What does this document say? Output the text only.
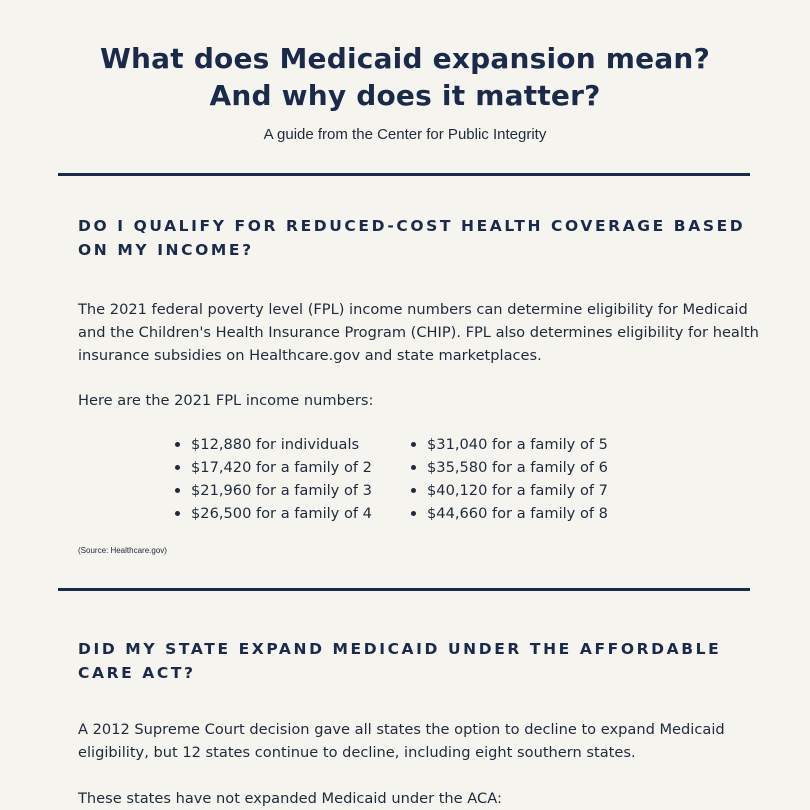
What does Medicaid expansion mean?
And why does it matter?
A guide from the Center for Public Integrity
DO I QUALIFY FOR REDUCED-COST HEALTH COVERAGE BASED ON MY INCOME?

The 2021 federal poverty level (FPL) income numbers can determine eligibility for Medicaid and the Children's Health Insurance Program (CHIP). FPL also determines eligibility for health insurance subsidies on Healthcare.gov and state marketplaces.

Here are the 2021 FPL income numbers:

$12,880 for individuals
$17,420 for a family of 2
$21,960 for a family of 3
$26,500 for a family of 4
$31,040 for a family of 5
$35,580 for a family of 6
$40,120 for a family of 7
$44,660 for a family of 8
(Source: Healthcare.gov)
DID MY STATE EXPAND MEDICAID UNDER THE AFFORDABLE CARE ACT?

A 2012 Supreme Court decision gave all states the option to decline to expand Medicaid eligibility, but 12 states continue to decline, including eight southern states.

These states have not expanded Medicaid under the ACA:
